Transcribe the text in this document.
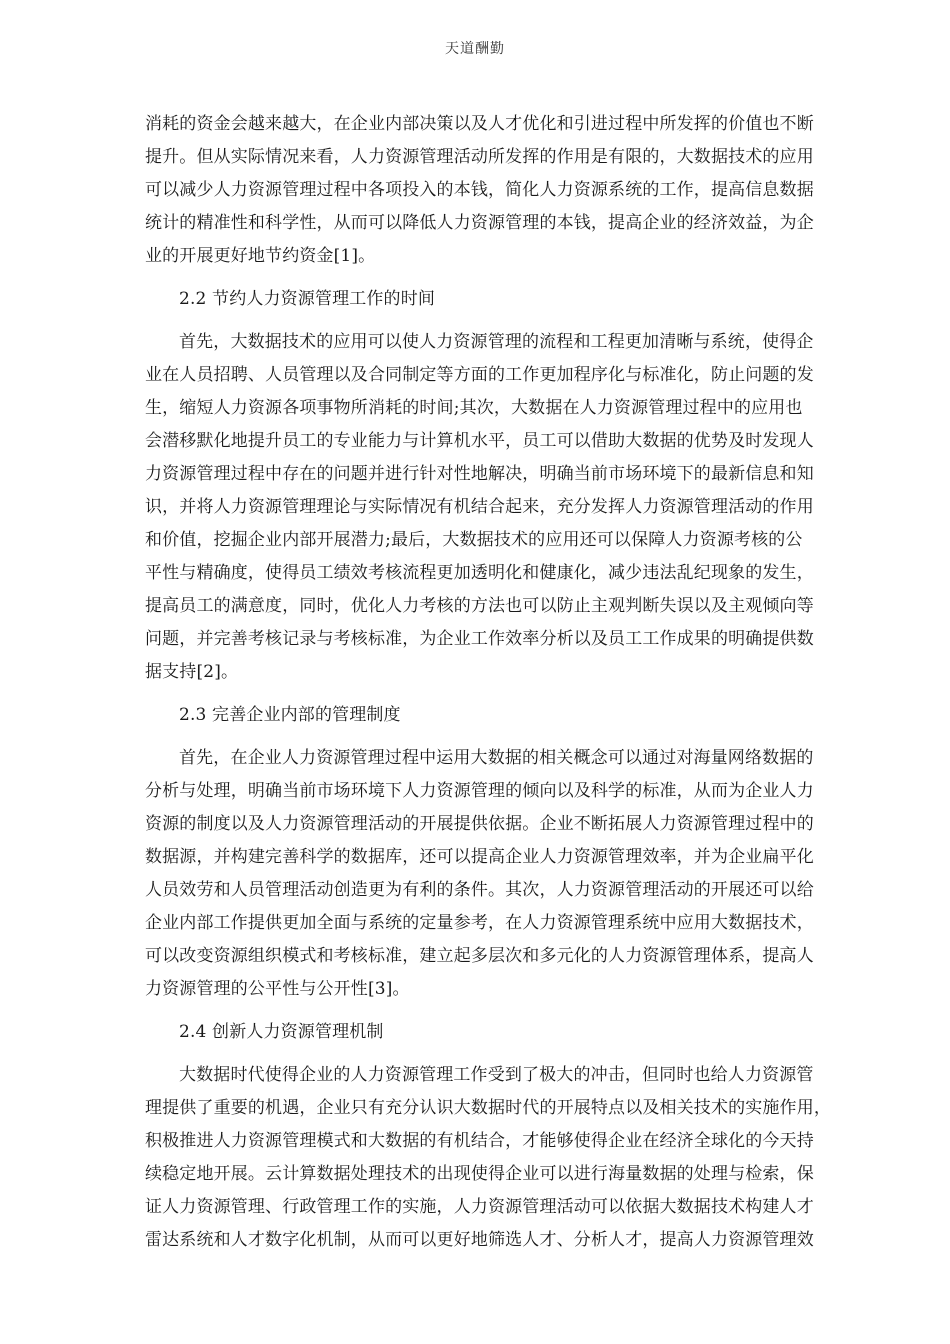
天道酬勤
消耗的资金会越来越大，在企业内部决策以及人才优化和引进过程中所发挥的价值也不断
提升。但从实际情况来看，人力资源管理活动所发挥的作用是有限的，大数据技术的应用
可以减少人力资源管理过程中各项投入的本钱，简化人力资源系统的工作，提高信息数据
统计的精准性和科学性，从而可以降低人力资源管理的本钱，提高企业的经济效益，为企
业的开展更好地节约资金[1]。
2.2 节约人力资源管理工作的时间
首先，大数据技术的应用可以使人力资源管理的流程和工程更加清晰与系统，使得企
业在人员招聘、人员管理以及合同制定等方面的工作更加程序化与标准化，防止问题的发
生，缩短人力资源各项事物所消耗的时间;其次，大数据在人力资源管理过程中的应用也
会潜移默化地提升员工的专业能力与计算机水平，员工可以借助大数据的优势及时发现人
力资源管理过程中存在的问题并进行针对性地解决，明确当前市场环境下的最新信息和知
识，并将人力资源管理理论与实际情况有机结合起来，充分发挥人力资源管理活动的作用
和价值，挖掘企业内部开展潜力;最后，大数据技术的应用还可以保障人力资源考核的公
平性与精确度，使得员工绩效考核流程更加透明化和健康化，减少违法乱纪现象的发生，
提高员工的满意度，同时，优化人力考核的方法也可以防止主观判断失误以及主观倾向等
问题，并完善考核记录与考核标准，为企业工作效率分析以及员工工作成果的明确提供数
据支持[2]。
2.3 完善企业内部的管理制度
首先，在企业人力资源管理过程中运用大数据的相关概念可以通过对海量网络数据的
分析与处理，明确当前市场环境下人力资源管理的倾向以及科学的标准，从而为企业人力
资源的制度以及人力资源管理活动的开展提供依据。企业不断拓展人力资源管理过程中的
数据源，并构建完善科学的数据库，还可以提高企业人力资源管理效率，并为企业扁平化
人员效劳和人员管理活动创造更为有利的条件。其次，人力资源管理活动的开展还可以给
企业内部工作提供更加全面与系统的定量参考，在人力资源管理系统中应用大数据技术，
可以改变资源组织模式和考核标准，建立起多层次和多元化的人力资源管理体系，提高人
力资源管理的公平性与公开性[3]。
2.4 创新人力资源管理机制
大数据时代使得企业的人力资源管理工作受到了极大的冲击，但同时也给人力资源管
理提供了重要的机遇，企业只有充分认识大数据时代的开展特点以及相关技术的实施作用，
积极推进人力资源管理模式和大数据的有机结合，才能够使得企业在经济全球化的今天持
续稳定地开展。云计算数据处理技术的出现使得企业可以进行海量数据的处理与检索，保
证人力资源管理、行政管理工作的实施，人力资源管理活动可以依据大数据技术构建人才
雷达系统和人才数字化机制，从而可以更好地筛选人才、分析人才，提高人力资源管理效
